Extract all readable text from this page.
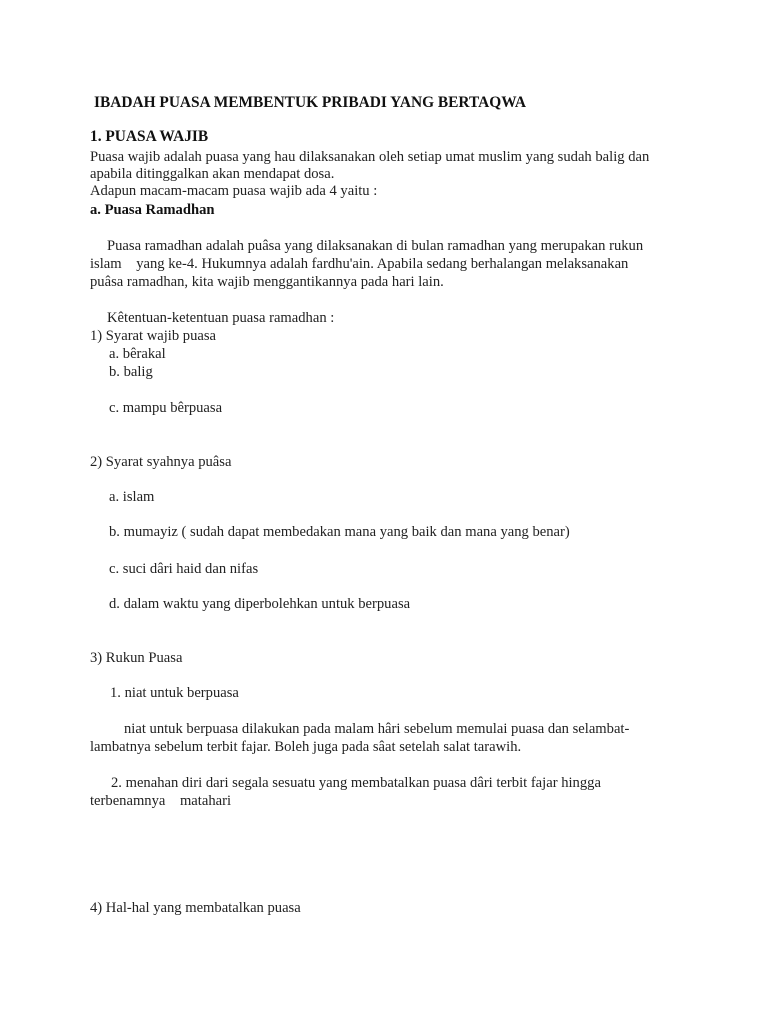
IBADAH PUASA MEMBENTUK PRIBADI YANG BERTAQWA

1. PUASA WAJIB

Puasa wajib adalah puasa yang hau dilaksanakan oleh setiap umat muslim yang sudah balig dan

apabila ditinggalkan akan mendapat dosa.

Adapun macam-macam puasa wajib ada 4 yaitu :

a. Puasa Ramadhan

Puasa ramadhan adalah puâsa yang dilaksanakan di bulan ramadhan yang merupakan rukun

islam    yang ke-4. Hukumnya adalah fardhu'ain. Apabila sedang berhalangan melaksanakan

puâsa ramadhan, kita wajib menggantikannya pada hari lain.

Kêtentuan-ketentuan puasa ramadhan :

1) Syarat wajib puasa

a. bêrakal

b. balig

c. mampu bêrpuasa

2) Syarat syahnya puâsa

a. islam

b. mumayiz ( sudah dapat membedakan mana yang baik dan mana yang benar)

c. suci dâri haid dan nifas

d. dalam waktu yang diperbolehkan untuk berpuasa

3) Rukun Puasa

1. niat untuk berpuasa

niat untuk berpuasa dilakukan pada malam hâri sebelum memulai puasa dan selambat-

lambatnya sebelum terbit fajar. Boleh juga pada sâat setelah salat tarawih.

2. menahan diri dari segala sesuatu yang membatalkan puasa dâri terbit fajar hingga

terbenamnya    matahari

4) Hal-hal yang membatalkan puasa
